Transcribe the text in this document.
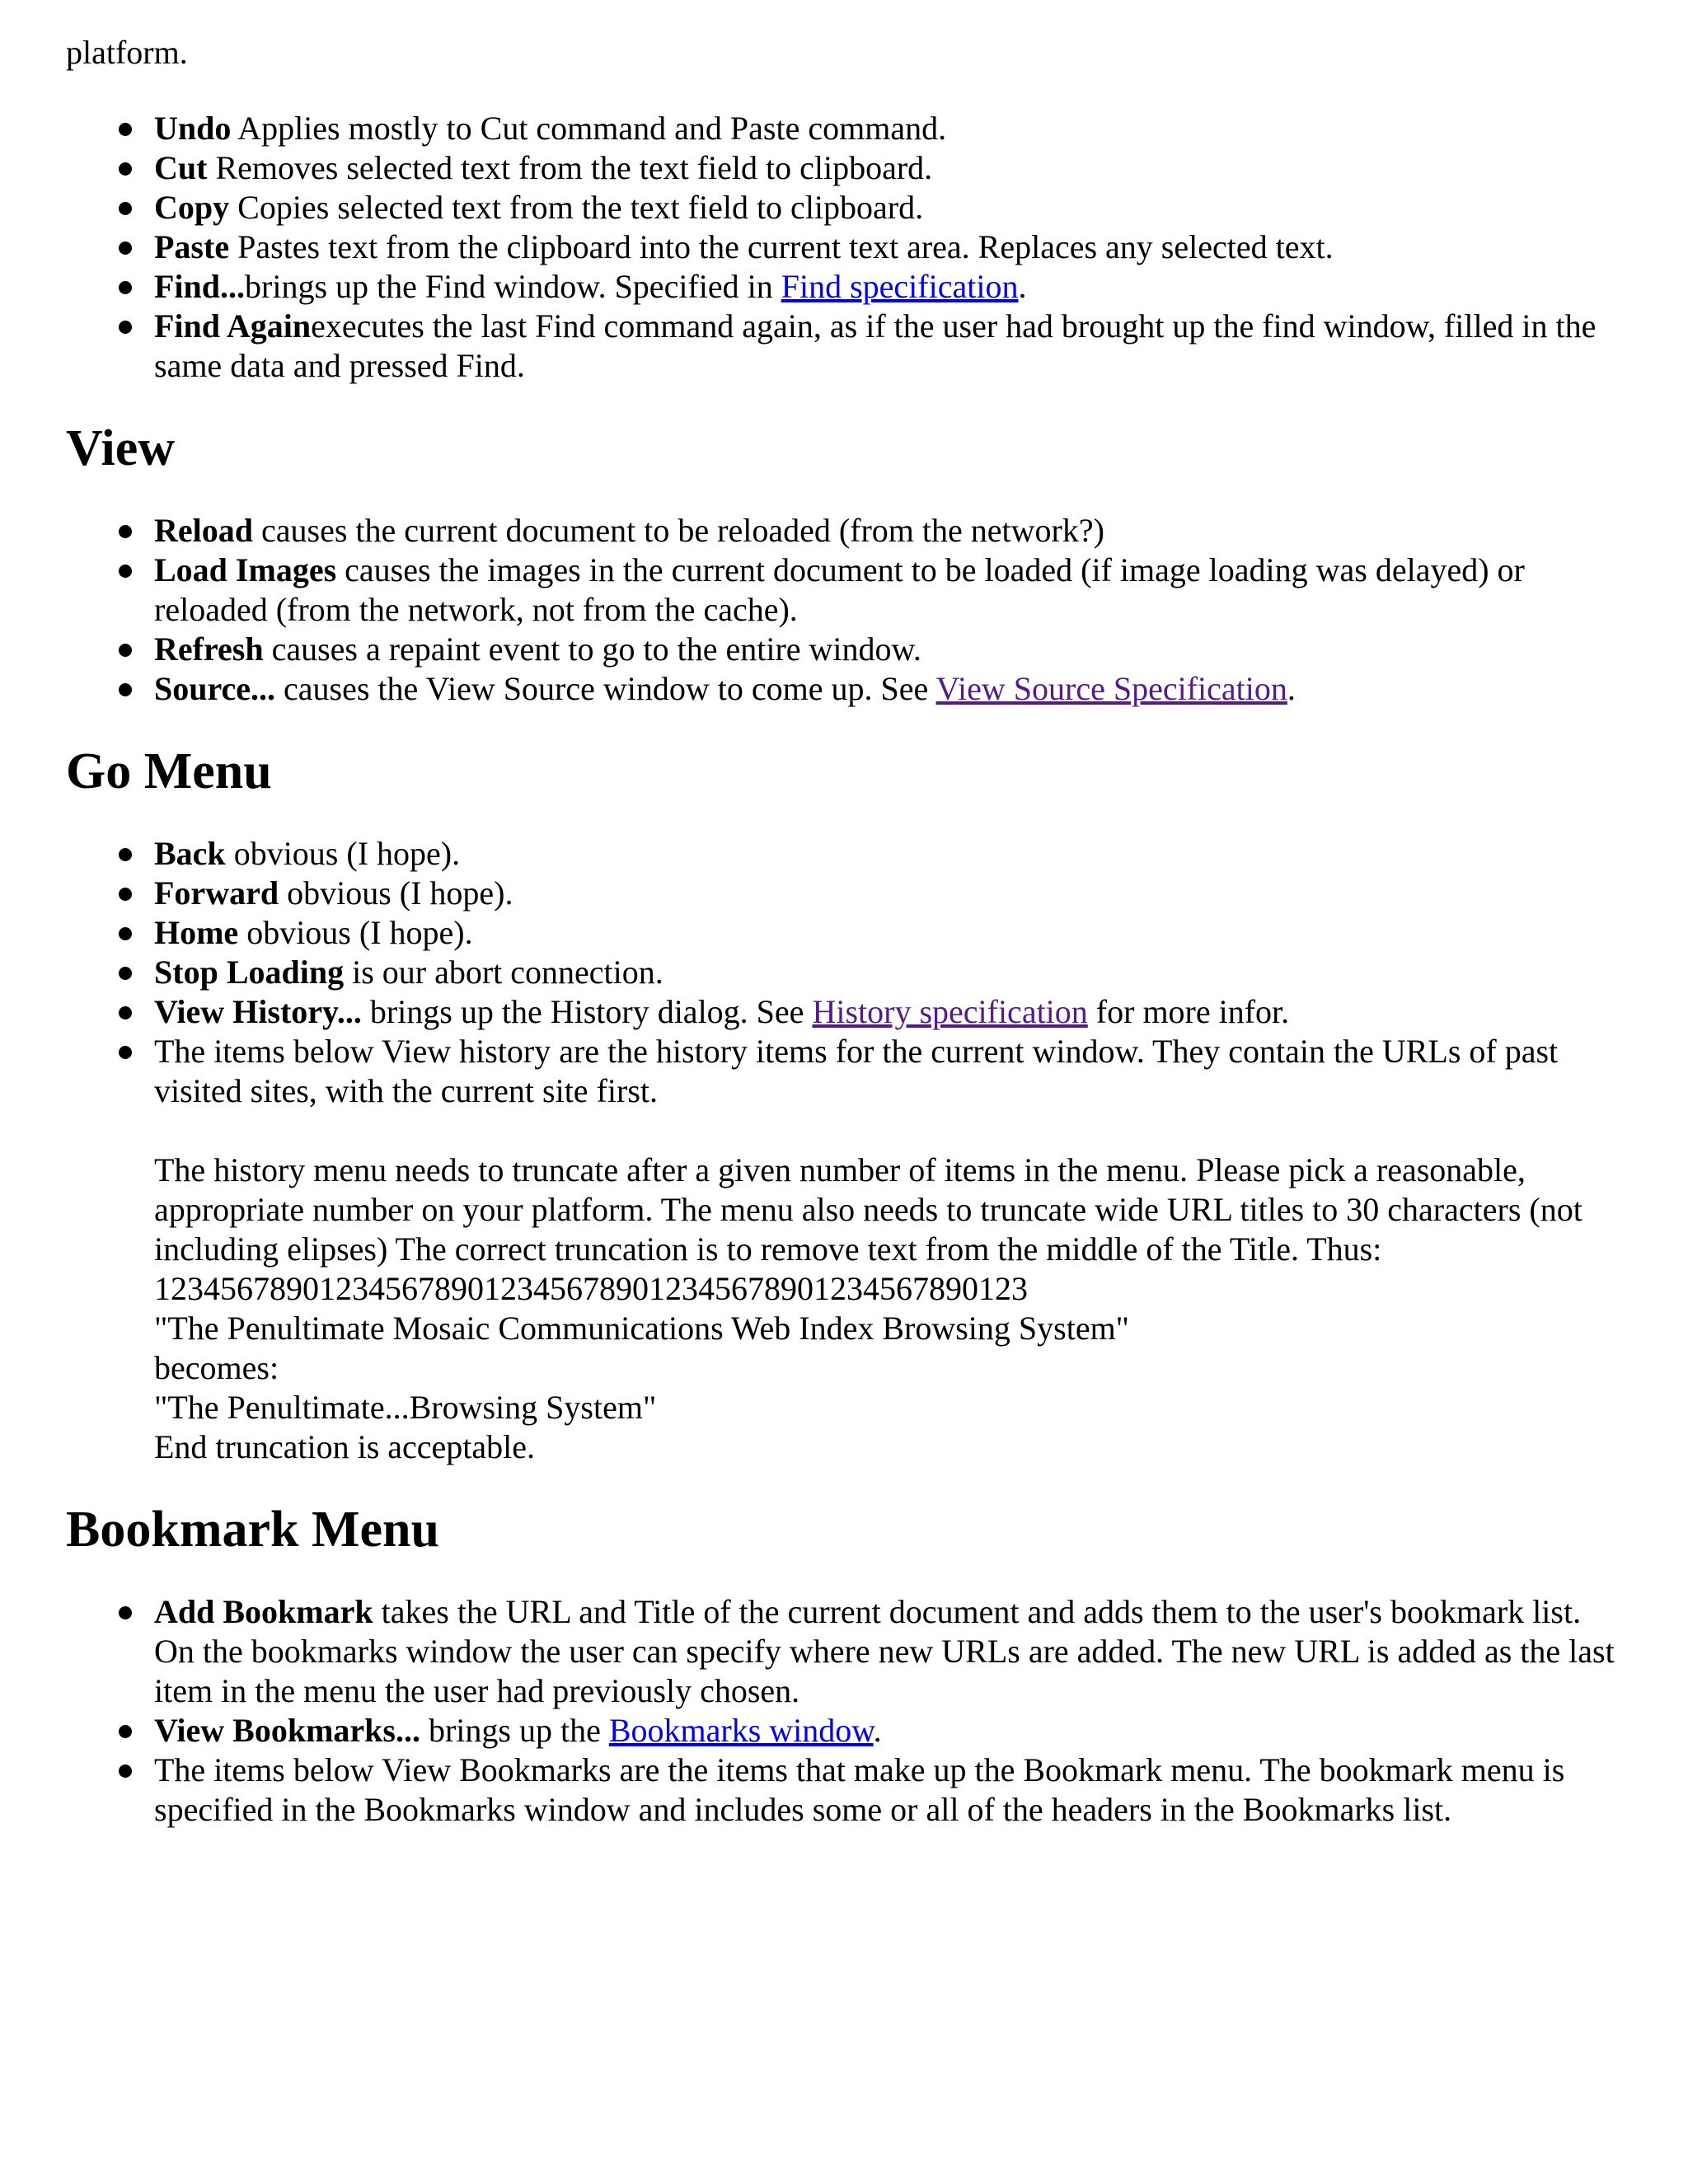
platform.
Undo Applies mostly to Cut command and Paste command.
Cut Removes selected text from the text field to clipboard.
Copy Copies selected text from the text field to clipboard.
Paste Pastes text from the clipboard into the current text area. Replaces any selected text.
Find...brings up the Find window. Specified in Find specification.
Find Againexecutes the last Find command again, as if the user had brought up the find window, filled in the same data and pressed Find.
View
Reload causes the current document to be reloaded (from the network?)
Load Images causes the images in the current document to be loaded (if image loading was delayed) or reloaded (from the network, not from the cache).
Refresh causes a repaint event to go to the entire window.
Source... causes the View Source window to come up. See View Source Specification.
Go Menu
Back obvious (I hope).
Forward obvious (I hope).
Home obvious (I hope).
Stop Loading is our abort connection.
View History... brings up the History dialog. See History specification for more infor.
The items below View history are the history items for the current window. They contain the URLs of past visited sites, with the current site first.
The history menu needs to truncate after a given number of items in the menu. Please pick a reasonable, appropriate number on your platform. The menu also needs to truncate wide URL titles to 30 characters (not including elipses) The correct truncation is to remove text from the middle of the Title. Thus:
12345678901234567890123456789012345678901234567890123
"The Penultimate Mosaic Communications Web Index Browsing System"
becomes:
"The Penultimate...Browsing System"
End truncation is acceptable.
Bookmark Menu
Add Bookmark takes the URL and Title of the current document and adds them to the user's bookmark list. On the bookmarks window the user can specify where new URLs are added. The new URL is added as the last item in the menu the user had previously chosen.
View Bookmarks... brings up the Bookmarks window.
The items below View Bookmarks are the items that make up the Bookmark menu. The bookmark menu is specified in the Bookmarks window and includes some or all of the headers in the Bookmarks list.
